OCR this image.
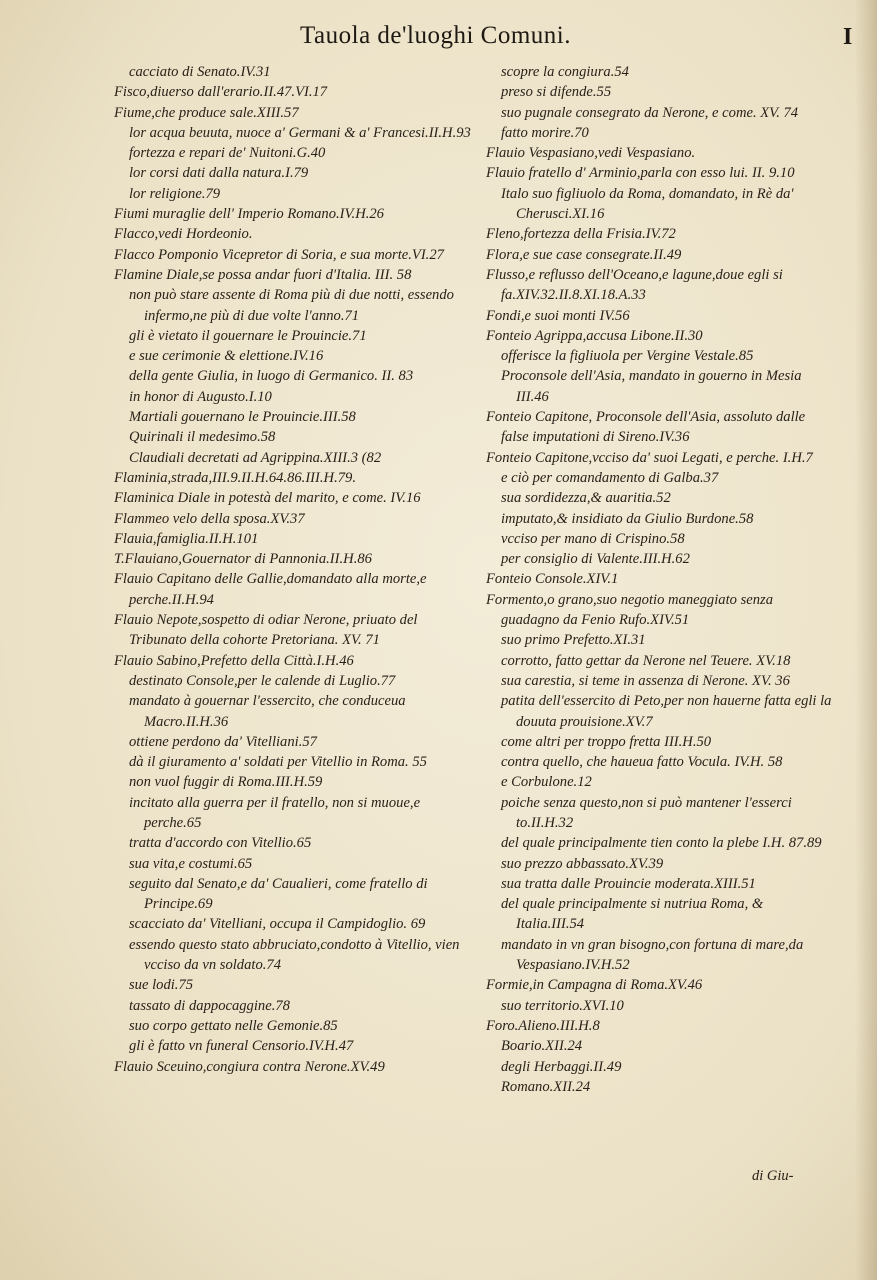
Tauola de'luoghi Comuni.	I

cacciato di Senato.IV.31

Fisco,diuerso dall'erario.II.47.VI.17

Fiume,che produce sale.XIII.57

lor acqua beuuta, nuoce a' Germani & a' Francesi.II.H.93

fortezza e repari de' Nuitoni.G.40

lor corsi dati dalla natura.I.79

lor religione.79

Fiumi muraglie dell' Imperio Romano.IV.H.26

Flacco,vedi Hordeonio.

Flacco Pomponio Vicepretor di Soria, e sua morte.VI.27

Flamine Diale,se possa andar fuori d'Italia. III. 58

non può stare assente di Roma più di due notti, essendo infermo,ne più di due volte l'anno.71

gli è vietato il gouernare le Prouincie.71

e sue cerimonie & elettione.IV.16

della gente Giulia, in luogo di Germanico. II. 83

in honor di Augusto.I.10

Martiali gouernano le Prouincie.III.58

Quirinali il medesimo.58

Claudiali decretati ad Agrippina.XIII.3 (82

Flaminia,strada,III.9.II.H.64.86.III.H.79.

Flaminica Diale in potestà del marito, e come. IV.16

Flammeo velo della sposa.XV.37

Flauia,famiglia.II.H.101

T.Flauiano,Gouernator di Pannonia.II.H.86

Flauio Capitano delle Gallie,domandato alla morte,e perche.II.H.94

Flauio Nepote,sospetto di odiar Nerone, priuato del Tribunato della cohorte Pretoriana. XV. 71

Flauio Sabino,Prefetto della Città.I.H.46

destinato Console,per le calende di Luglio.77

mandato à gouernar l'essercito, che conduceua Macro.II.H.36

ottiene perdono da' Vitelliani.57

dà il giuramento a' soldati per Vitellio in Roma. 55

non vuol fuggir di Roma.III.H.59

incitato alla guerra per il fratello, non si muoue,e perche.65

tratta d'accordo con Vitellio.65

sua vita,e costumi.65

seguito dal Senato,e da' Caualieri, come fratello di Principe.69

scacciato da' Vitelliani, occupa il Campidoglio. 69

essendo questo stato abbruciato,condotto à Vitellio, vien vcciso da vn soldato.74

sue lodi.75

tassato di dappocaggine.78

suo corpo gettato nelle Gemonie.85

gli è fatto vn funeral Censorio.IV.H.47

Flauio Sceuino,congiura contra Nerone.XV.49

scopre la congiura.54

preso si difende.55

suo pugnale consegrato da Nerone, e come. XV. 74

fatto morire.70

Flauio Vespasiano,vedi Vespasiano.

Flauio fratello d' Arminio,parla con esso lui. II. 9.10

Italo suo figliuolo da Roma, domandato, in Rè da' Cherusci.XI.16

Fleno,fortezza della Frisia.IV.72

Flora,e sue case consegrate.II.49

Flusso,e reflusso dell'Oceano,e lagune,doue egli si fa.XIV.32.II.8.XI.18.A.33

Fondi,e suoi monti IV.56

Fonteio Agrippa,accusa Libone.II.30

offerisce la figliuola per Vergine Vestale.85

Proconsole dell'Asia, mandato in gouerno in Mesia III.46

Fonteio Capitone, Proconsole dell'Asia, assoluto dalle false imputationi di Sireno.IV.36

Fonteio Capitone,vcciso da' suoi Legati, e perche. I.H.7

e ciò per comandamento di Galba.37

sua sordidezza,& auaritia.52

imputato,& insidiato da Giulio Burdone.58

vcciso per mano di Crispino.58

per consiglio di Valente.III.H.62

Fonteio Console.XIV.1

Formento,o grano,suo negotio maneggiato senza guadagno da Fenio Rufo.XIV.51

suo primo Prefetto.XI.31

corrotto, fatto gettar da Nerone nel Teuere. XV.18

sua carestia, si teme in assenza di Nerone. XV. 36

patita dell'essercito di Peto,per non hauerne fatta egli la douuta prouisione.XV.7

come altri per troppo fretta III.H.50

contra quello, che haueua fatto Vocula. IV.H. 58

e Corbulone.12

poiche senza questo,non si può mantener l'esserci to.II.H.32

del quale principalmente tien conto la plebe I.H. 87.89

suo prezzo abbassato.XV.39

sua tratta dalle Prouincie moderata.XIII.51

del quale principalmente si nutriua Roma, & Italia.III.54

mandato in vn gran bisogno,con fortuna di mare,da Vespasiano.IV.H.52

Formie,in Campagna di Roma.XV.46

suo territorio.XVI.10

Foro.Alieno.III.H.8

Boario.XII.24

degli Herbaggi.II.49

Romano.XII.24

di Giu-
